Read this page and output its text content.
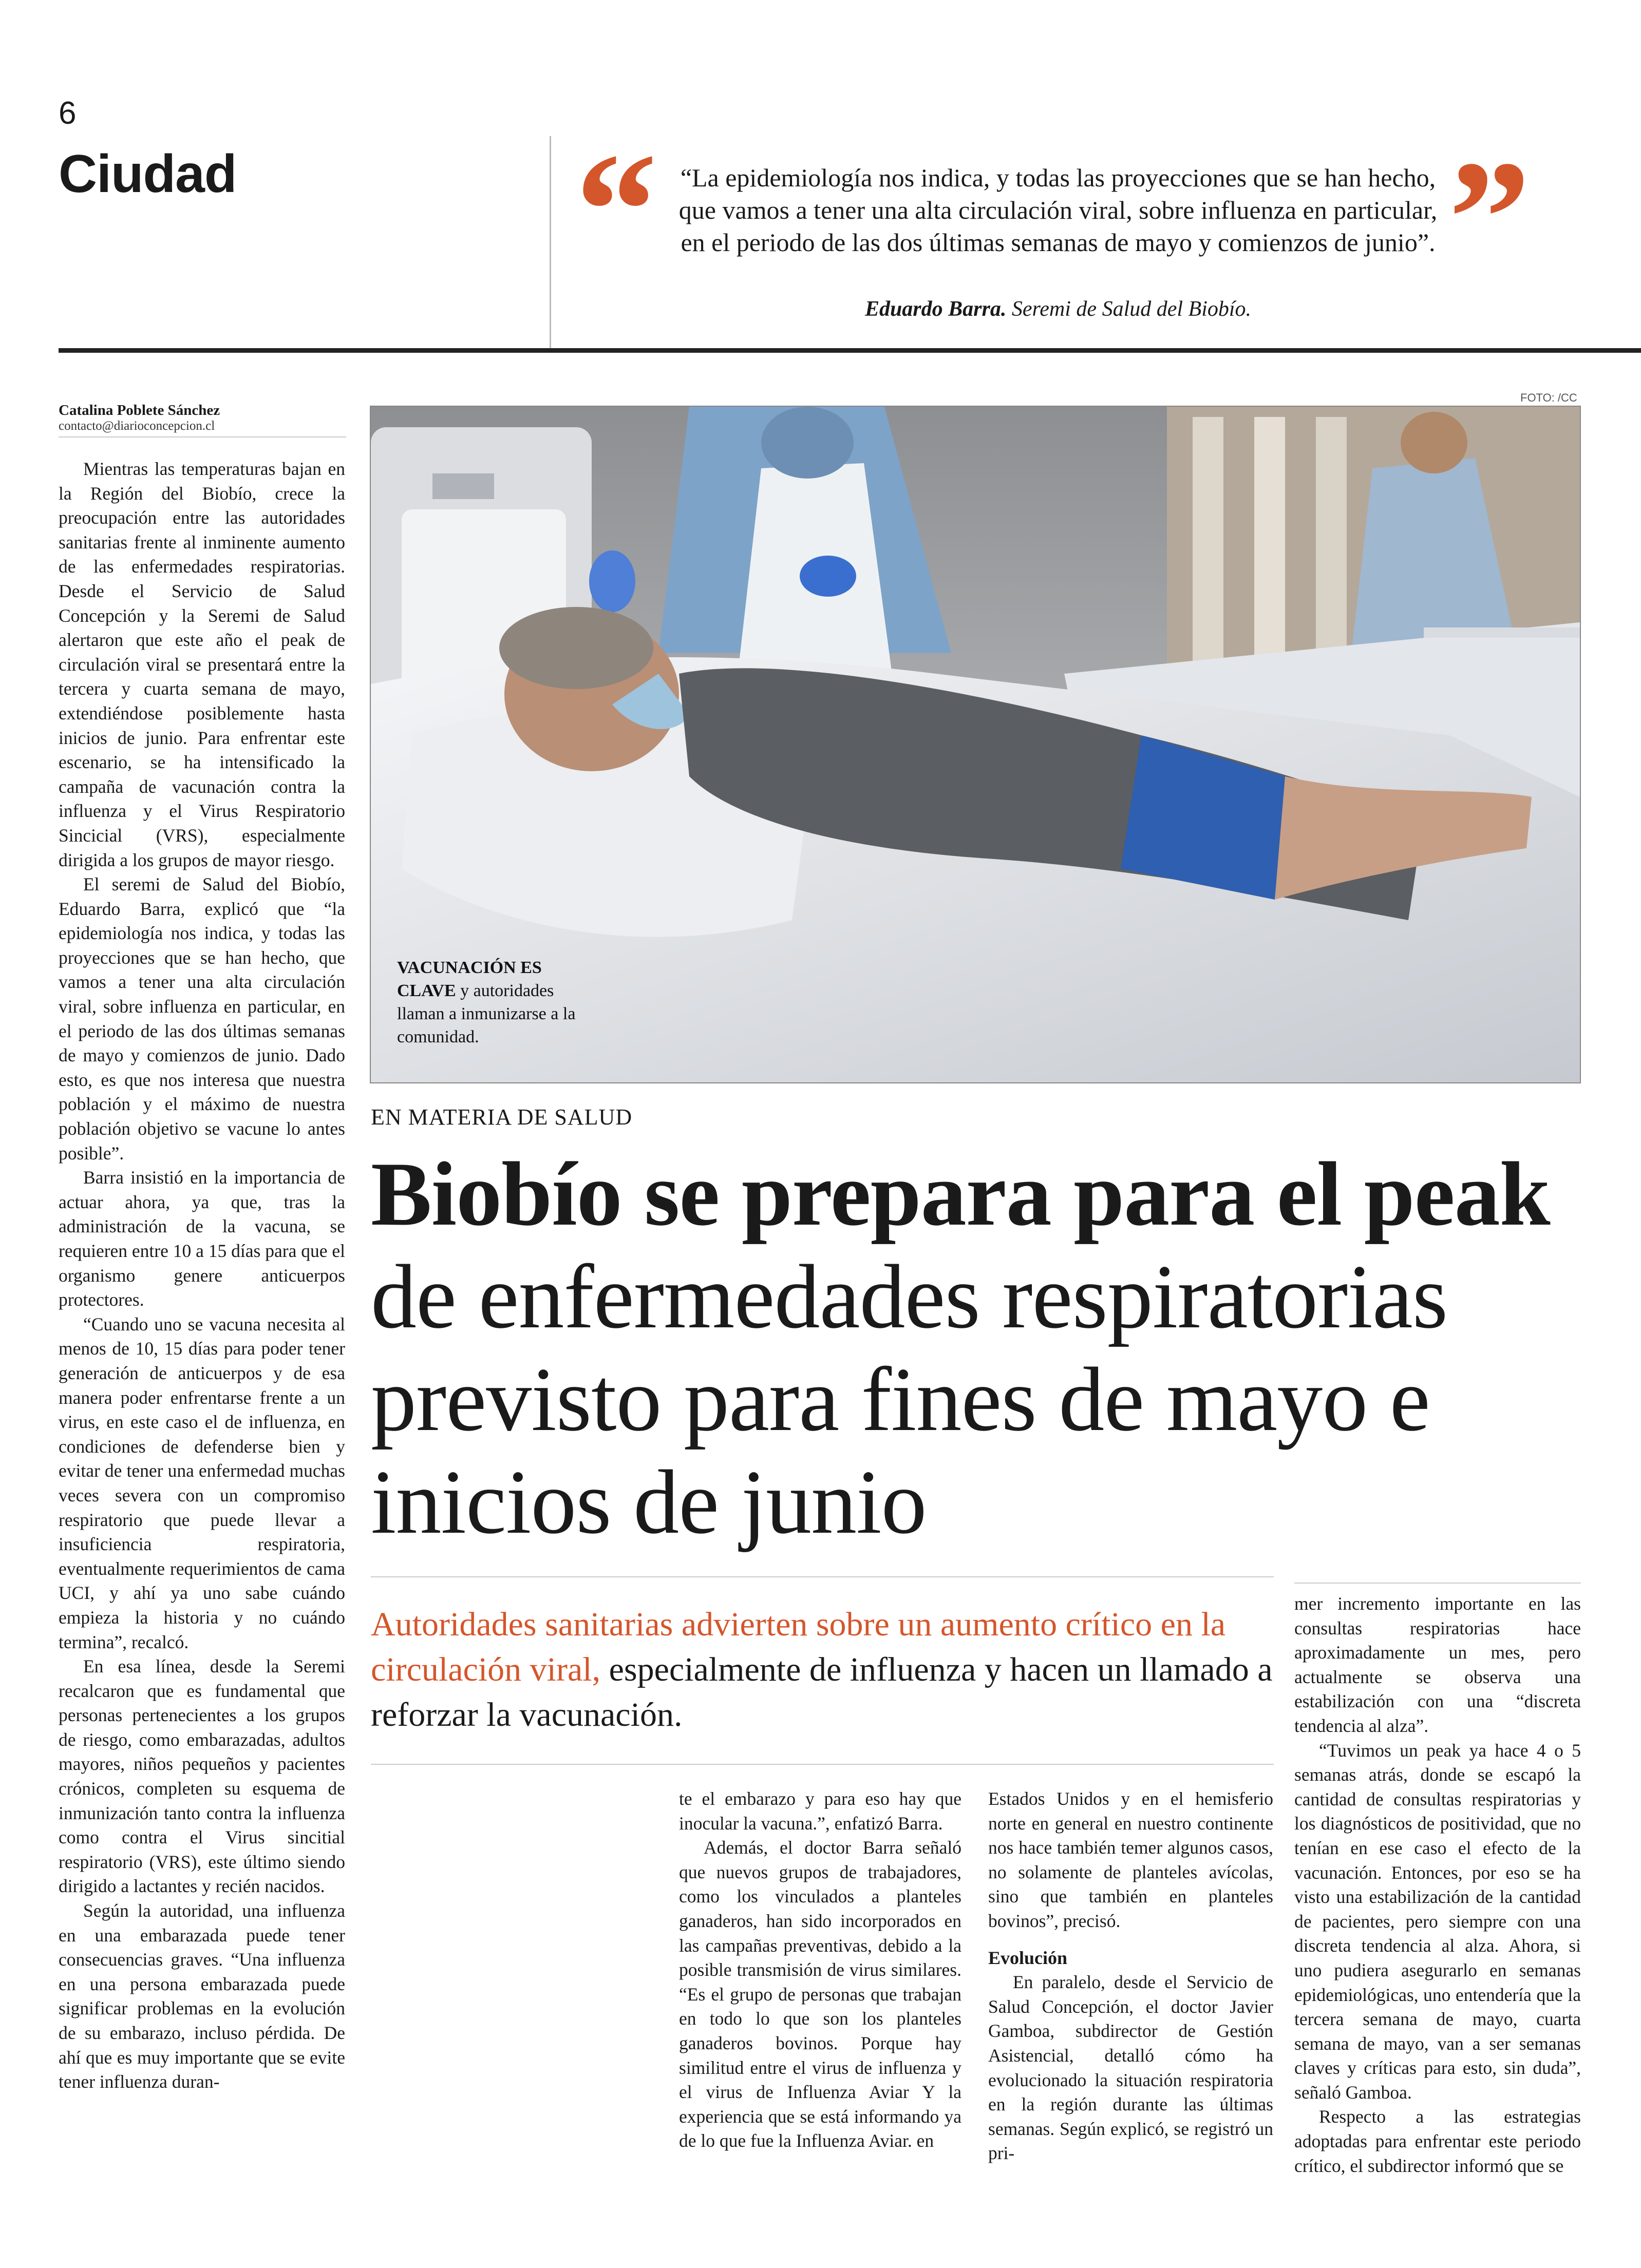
6
Ciudad “ “La epidemiología nos indica, y todas las proyecciones que se han hecho, que vamos a tener una alta circulación viral, sobre influenza en particular, en el periodo de las dos últimas semanas de mayo y comienzos de junio”.
Eduardo Barra. Seremi de Salud del Biobío.	”
Catalina Poblete Sánchez
contacto@diarioconcepcion.cl

Mientras las temperaturas bajan en la Región del Biobío, crece la preocupación entre las autoridades sanitarias frente al inminente aumento de las enfermedades respiratorias. Desde el Servicio de Salud Concepción y la Seremi de Salud alertaron que este año el peak de circulación viral se presentará entre la tercera y cuarta semana de mayo, extendiéndose posiblemente hasta inicios de junio. Para enfrentar este escenario, se ha intensificado la campaña de vacunación contra la influenza y el Virus Respiratorio Sincicial (VRS), especialmente dirigida a los grupos de mayor riesgo.

El seremi de Salud del Biobío, Eduardo Barra, explicó que “la epidemiología nos indica, y todas las proyecciones que se han hecho, que vamos a tener una alta circulación viral, sobre influenza en particular, en el periodo de las dos últimas semanas de mayo y comienzos de junio. Dado esto, es que nos interesa que nuestra población y el máximo de nuestra población objetivo se vacune lo antes posible”.

Barra insistió en la importancia de actuar ahora, ya que, tras la administración de la vacuna, se requieren entre 10 a 15 días para que el organismo genere anticuerpos protectores.

“Cuando uno se vacuna necesita al menos de 10, 15 días para poder tener generación de anticuerpos y de esa manera poder enfrentarse frente a un virus, en este caso el de influenza, en condiciones de defenderse bien y evitar de tener una enfermedad muchas veces severa con un compromiso respiratorio que puede llevar a insuficiencia respiratoria, eventualmente requerimientos de cama UCI, y ahí ya uno sabe cuándo empieza la historia y no cuándo termina”, recalcó.

En esa línea, desde la Seremi recalcaron que es fundamental que personas pertenecientes a los grupos de riesgo, como embarazadas, adultos mayores, niños pequeños y pacientes crónicos, completen su esquema de inmunización tanto contra la influenza como contra el Virus sincitial respiratorio (VRS), este último siendo dirigido a lactantes y recién nacidos.

Según la autoridad, una influenza en una embarazada puede tener consecuencias graves. “Una influenza en una persona embarazada puede significar problemas en la evolución de su embarazo, incluso pérdida. De ahí que es muy importante que se evite tener influenza duran-

FOTO: /CC
VACUNACIÓN ES CLAVE y autoridades llaman a inmunizarse a la comunidad.
EN MATERIA DE SALUD
Biobío se prepara para el peak de enfermedades respiratorias previsto para fines de mayo e inicios de junio
Autoridades sanitarias advierten sobre un aumento crítico en la circulación viral, especialmente de influenza y hacen un llamado a reforzar la vacunación.

te el embarazo y para eso hay que inocular la vacuna.”, enfatizó Barra.

Además, el doctor Barra señaló que nuevos grupos de trabajadores, como los vinculados a planteles ganaderos, han sido incorporados en las campañas preventivas, debido a la posible transmisión de virus similares. “Es el grupo de personas que trabajan en todo lo que son los planteles ganaderos bovinos. Porque hay similitud entre el virus de influenza y el virus de Influenza Aviar Y la experiencia que se está informando ya de lo que fue la Influenza Aviar. en

Estados Unidos y en el hemisferio norte en general en nuestro continente nos hace también temer algunos casos, no solamente de planteles avícolas, sino que también en planteles bovinos”, precisó.

Evolución

En paralelo, desde el Servicio de Salud Concepción, el doctor Javier Gamboa, subdirector de Gestión Asistencial, detalló cómo ha evolucionado la situación respiratoria en la región durante las últimas semanas. Según explicó, se registró un pri-

mer incremento importante en las consultas respiratorias hace aproximadamente un mes, pero actualmente se observa una estabilización con una “discreta tendencia al alza”.

“Tuvimos un peak ya hace 4 o 5 semanas atrás, donde se escapó la cantidad de consultas respiratorias y los diagnósticos de positividad, que no tenían en ese caso el efecto de la vacunación. Entonces, por eso se ha visto una estabilización de la cantidad de pacientes, pero siempre con una discreta tendencia al alza. Ahora, si uno pudiera asegurarlo en semanas epidemiológicas, uno entendería que la tercera semana de mayo, cuarta semana de mayo, van a ser semanas claves y críticas para esto, sin duda”, señaló Gamboa.

Respecto a las estrategias adoptadas para enfrentar este periodo crítico, el subdirector informó que se
